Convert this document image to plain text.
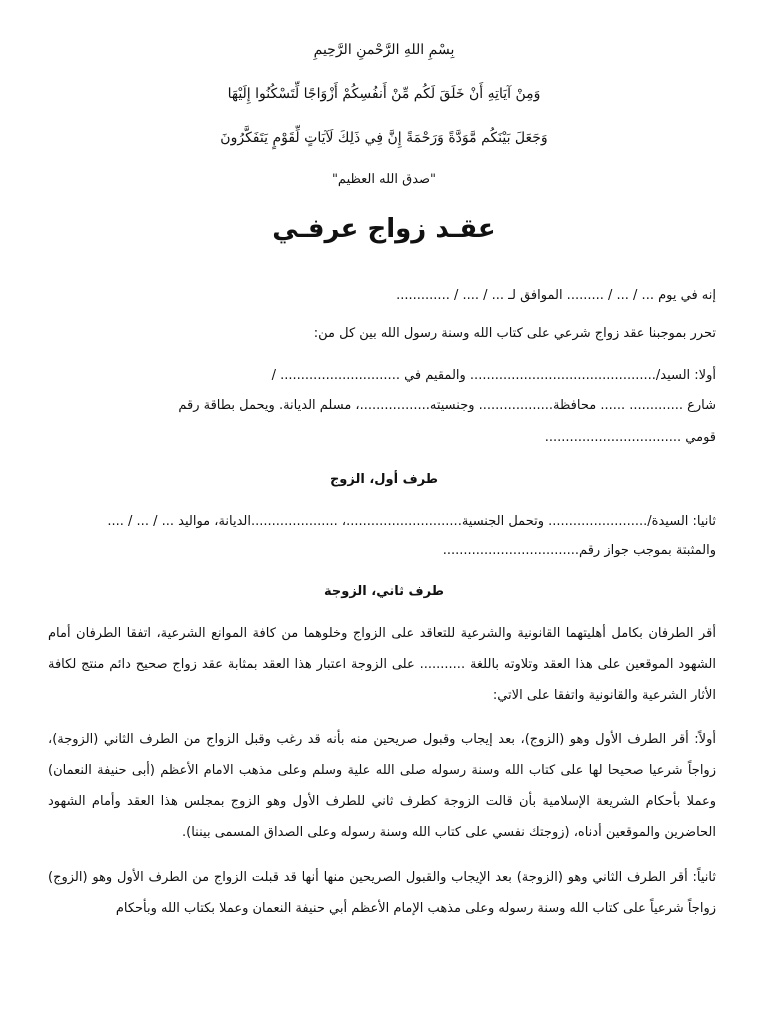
بِسْمِ اللهِ الرَّحْمنِ الرَّحِيمِ
وَمِنْ آيَاتِهِ أَنْ خَلَقَ لَكُم مِّنْ أَنفُسِكُمْ أَزْوَاجًا لِّتَسْكُنُوا إِلَيْهَا
وَجَعَلَ بَيْنَكُم مَّوَدَّةً وَرَحْمَةً إِنَّ فِي ذَلِكَ لَآيَاتٍ لِّقَوْمٍ يَتَفَكَّرُونَ
"صدق الله العظيم"
عقـد زواج عرفـي
إنه في يوم ... / ... / ......... الموافق لـ ... / .... / .............
تحرر بموجبنا عقد زواج شرعي على كتاب الله وسنة رسول الله بين كل من:
أولا: السيد/............................................. والمقيم في ............................. /
شارع ............. ...... محافظة.................. وجنسيته.................، مسلم الديانة. ويحمل بطاقة رقم
قومي .................................
طرف أول، الزوج
ثانيا: السيدة/........................ وتحمل الجنسية............................، .....................الديانة، مواليد ... / ... / ....
والمثبتة بموجب جواز رقم.................................
طرف ثاني، الزوجة
أقر الطرفان بكامل أهليتهما القانونية والشرعية للتعاقد على الزواج وخلوهما من كافة الموانع الشرعية، اتفقا الطرفان أمام الشهود الموقعين على هذا العقد وتلاوته باللغة ........... على الزوجة اعتبار هذا العقد بمثابة عقد زواج صحيح دائم منتج لكافة الأثار الشرعية والقانونية واتفقا على الاتي:
أولاً: أقر الطرف الأول وهو (الزوج)، بعد إيجاب وقبول صريحين منه بأنه قد رغب وقبل الزواج من الطرف الثاني (الزوجة)، زواجاً شرعيا صحيحا لها على كتاب الله وسنة رسوله صلى الله علية وسلم وعلى مذهب الامام الأعظم (أبى حنيفة النعمان) وعملا بأحكام الشريعة الإسلامية بأن قالت الزوجة كطرف ثاني للطرف الأول وهو الزوج بمجلس هذا العقد وأمام الشهود الحاضرين والموقعين أدناه، (زوجتك نفسي على كتاب الله وسنة رسوله وعلى الصداق المسمى بيننا).
ثانياً: أقر الطرف الثاني وهو (الزوجة) بعد الإيجاب والقبول الصريحين منها أنها قد قبلت الزواج من الطرف الأول وهو (الزوج) زواجاً شرعياً على كتاب الله وسنة رسوله وعلى مذهب الإمام الأعظم أبي حنيفة النعمان وعملا بكتاب الله وبأحكام
